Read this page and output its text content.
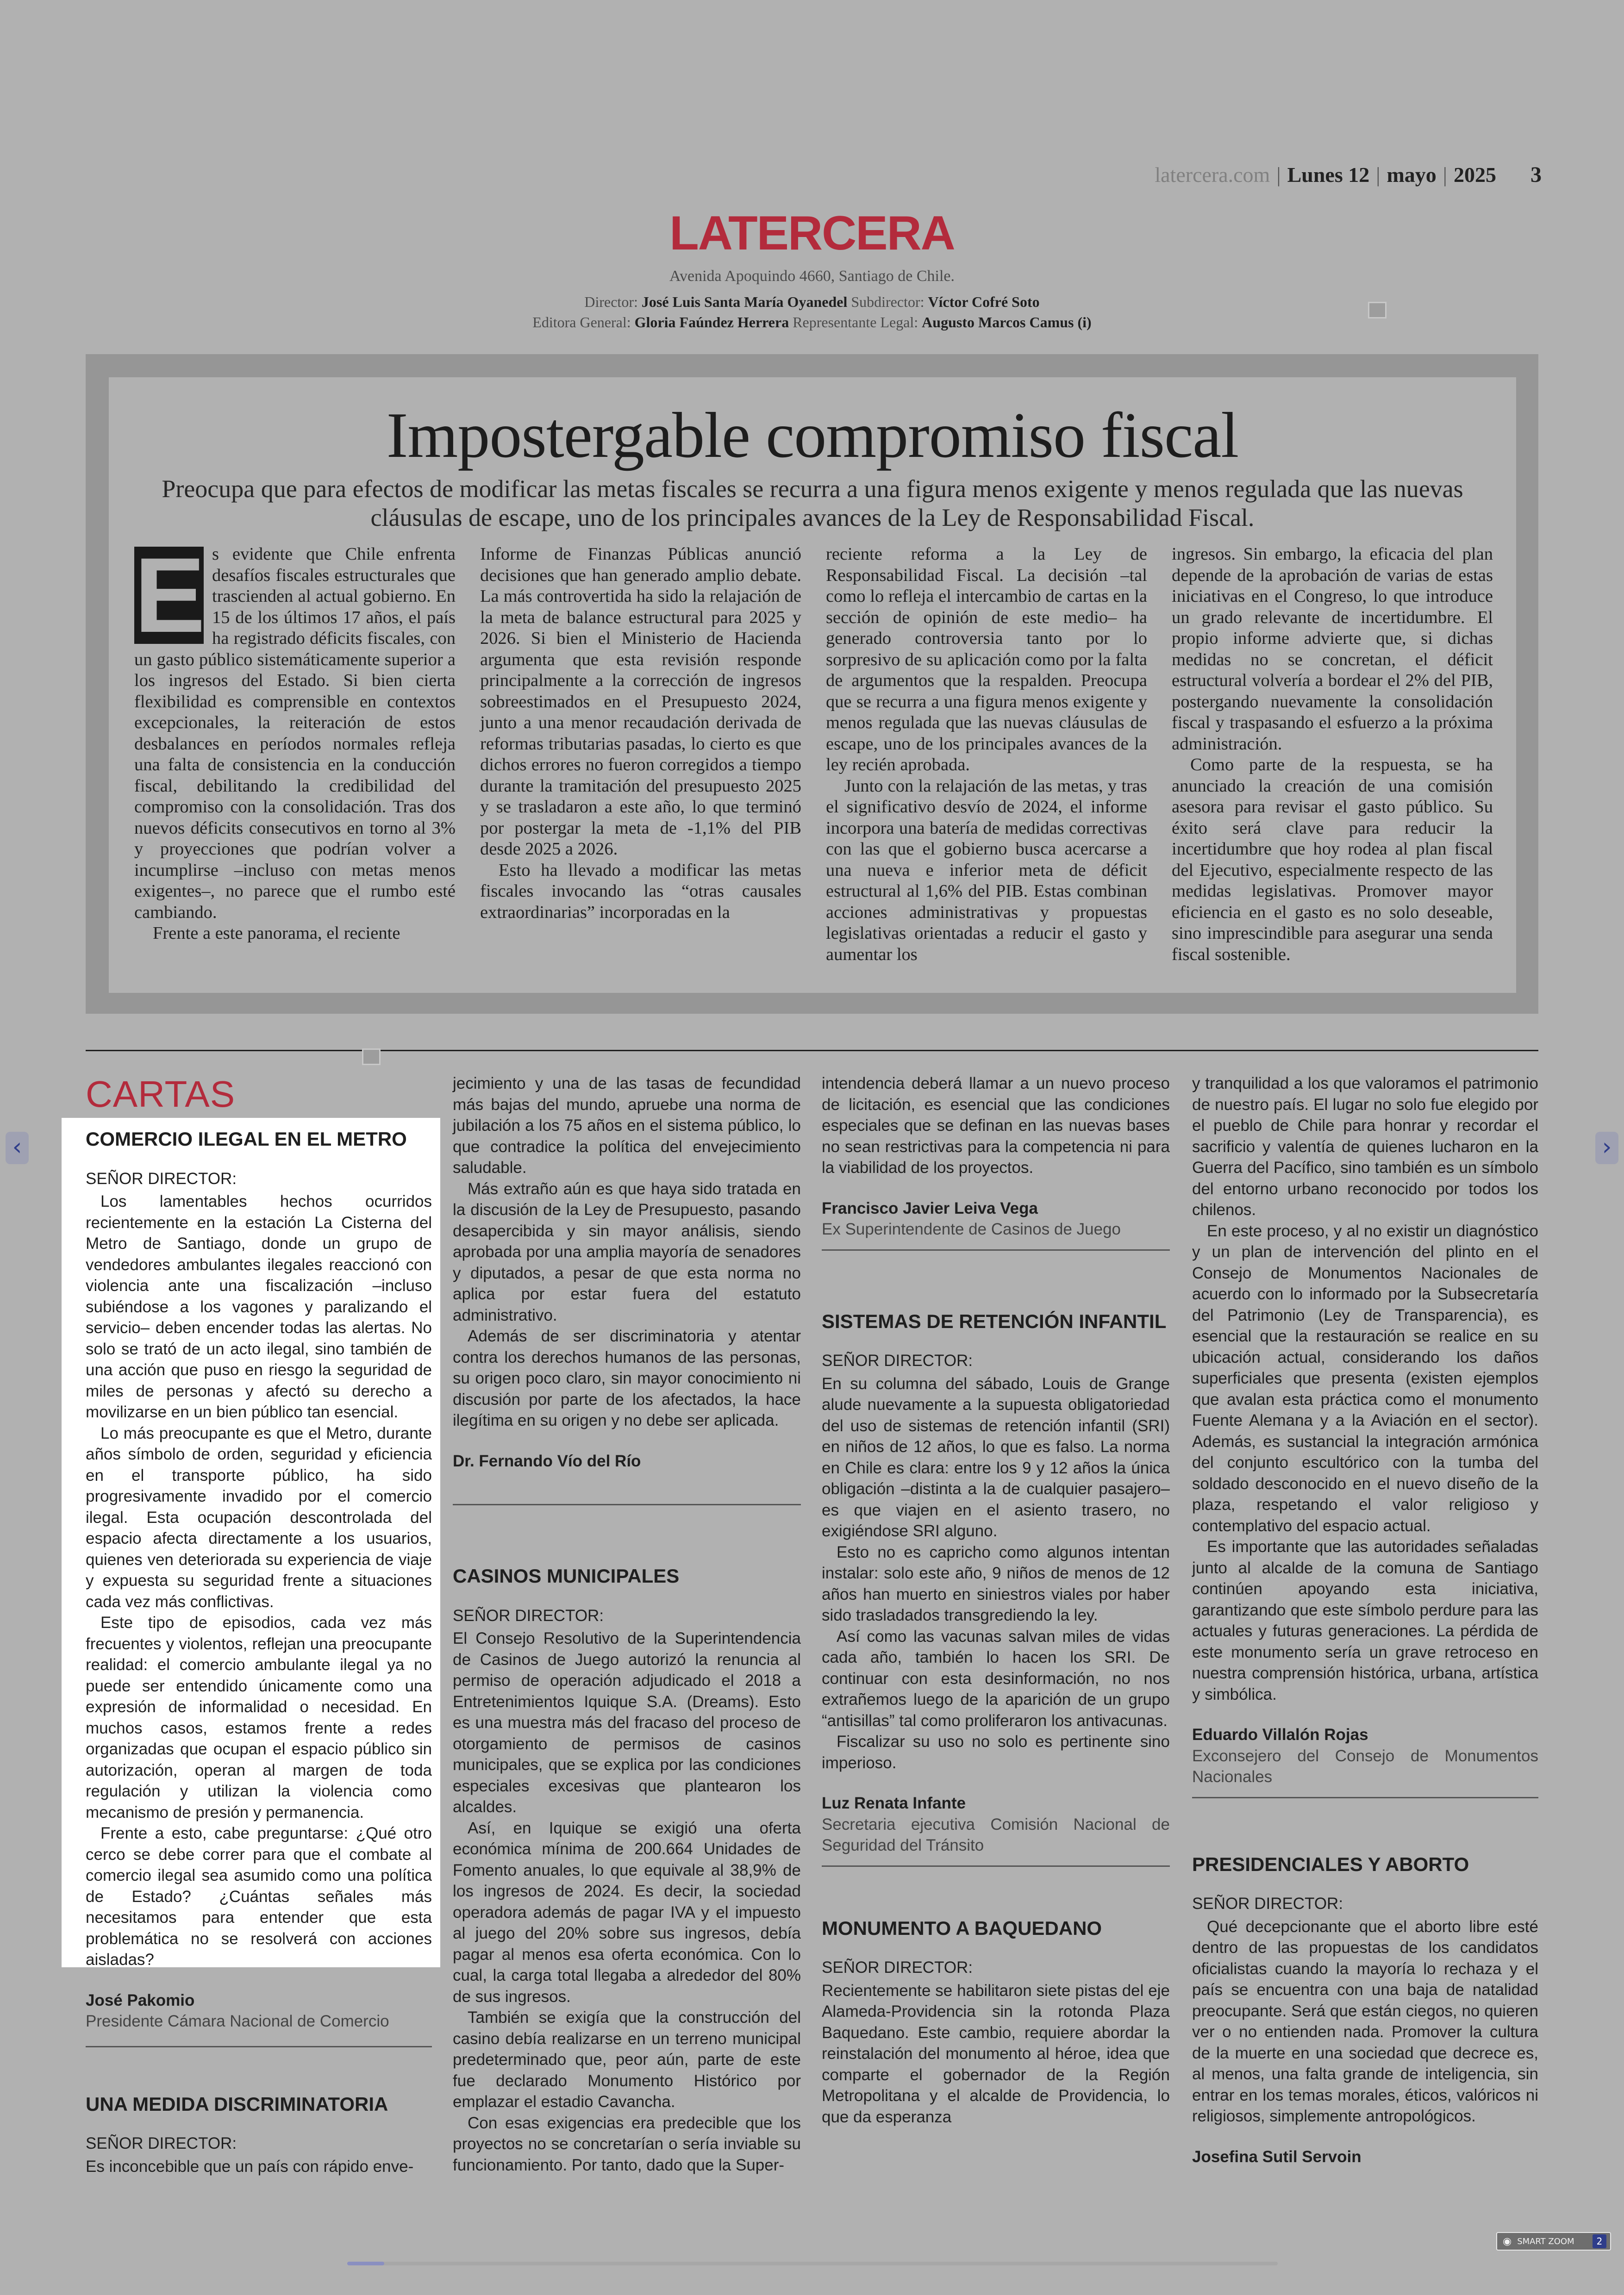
latercera.com | Lunes 12 | mayo | 2025 3
LATERCERA
Avenida Apoquindo 4660, Santiago de Chile.
Director: José Luis Santa María Oyanedel Subdirector: Víctor Cofré Soto
Editora General: Gloria Faúndez Herrera Representante Legal: Augusto Marcos Camus (i)
Impostergable compromiso fiscal
Preocupa que para efectos de modificar las metas fiscales se recurra a una figura menos exigente y menos regulada que las nuevas cláusulas de escape, uno de los principales avances de la Ley de Responsabilidad Fiscal.

E s evidente que Chile enfrenta desafíos fiscales estructurales que trascienden al actual gobierno. En 15 de los últimos 17 años, el país ha registrado déficits fiscales, con un gasto público sistemáticamente superior a los ingresos del Estado. Si bien cierta flexibilidad es comprensible en contextos excepcionales, la reiteración de estos desbalances en períodos normales refleja una falta de consistencia en la conducción fiscal, debilitando la credibilidad del compromiso con la consolidación. Tras dos nuevos déficits consecutivos en torno al 3% y proyecciones que podrían volver a incumplirse –incluso con metas menos exigentes–, no parece que el rumbo esté cambiando.

Frente a este panorama, el reciente

Informe de Finanzas Públicas anunció decisiones que han generado amplio debate. La más controvertida ha sido la relajación de la meta de balance estructural para 2025 y 2026. Si bien el Ministerio de Hacienda argumenta que esta revisión responde principalmente a la corrección de ingresos sobreestimados en el Presupuesto 2024, junto a una menor recaudación derivada de reformas tributarias pasadas, lo cierto es que dichos errores no fueron corregidos a tiempo durante la tramitación del presupuesto 2025 y se trasladaron a este año, lo que terminó por postergar la meta de -1,1% del PIB desde 2025 a 2026.

Esto ha llevado a modificar las metas fiscales invocando las “otras causales extraordinarias” incorporadas en la

reciente reforma a la Ley de Responsabilidad Fiscal. La decisión –tal como lo refleja el intercambio de cartas en la sección de opinión de este medio– ha generado controversia tanto por lo sorpresivo de su aplicación como por la falta de argumentos que la respalden. Preocupa que se recurra a una figura menos exigente y menos regulada que las nuevas cláusulas de escape, uno de los principales avances de la ley recién aprobada.

Junto con la relajación de las metas, y tras el significativo desvío de 2024, el informe incorpora una batería de medidas correctivas con las que el gobierno busca acercarse a una nueva e inferior meta de déficit estructural al 1,6% del PIB. Estas combinan acciones administrativas y propuestas legislativas orientadas a reducir el gasto y aumentar los

ingresos. Sin embargo, la eficacia del plan depende de la aprobación de varias de estas iniciativas en el Congreso, lo que introduce un grado relevante de incertidumbre. El propio informe advierte que, si dichas medidas no se concretan, el déficit estructural volvería a bordear el 2% del PIB, postergando nuevamente la consolidación fiscal y traspasando el esfuerzo a la próxima administración.

Como parte de la respuesta, se ha anunciado la creación de una comisión asesora para revisar el gasto público. Su éxito será clave para reducir la incertidumbre que hoy rodea al plan fiscal del Ejecutivo, especialmente respecto de las medidas legislativas. Promover mayor eficiencia en el gasto es no solo deseable, sino imprescindible para asegurar una senda fiscal sostenible.

CARTAS
COMERCIO ILEGAL EN EL METRO

SEÑOR DIRECTOR:

Los lamentables hechos ocurridos recientemente en la estación La Cisterna del Metro de Santiago, donde un grupo de vendedores ambulantes ilegales reaccionó con violencia ante una fiscalización –incluso subiéndose a los vagones y paralizando el servicio– deben encender todas las alertas. No solo se trató de un acto ilegal, sino también de una acción que puso en riesgo la seguridad de miles de personas y afectó su derecho a movilizarse en un bien público tan esencial.

Lo más preocupante es que el Metro, durante años símbolo de orden, seguridad y eficiencia en el transporte público, ha sido progresivamente invadido por el comercio ilegal. Esta ocupación descontrolada del espacio afecta directamente a los usuarios, quienes ven deteriorada su experiencia de viaje y expuesta su seguridad frente a situaciones cada vez más conflictivas.

Este tipo de episodios, cada vez más frecuentes y violentos, reflejan una preocupante realidad: el comercio ambulante ilegal ya no puede ser entendido únicamente como una expresión de informalidad o necesidad. En muchos casos, estamos frente a redes organizadas que ocupan el espacio público sin autorización, operan al margen de toda regulación y utilizan la violencia como mecanismo de presión y permanencia.

Frente a esto, cabe preguntarse: ¿Qué otro cerco se debe correr para que el combate al comercio ilegal sea asumido como una política de Estado? ¿Cuántas señales más necesitamos para entender que esta problemática no se resolverá con acciones aisladas?

José Pakomio

Presidente Cámara Nacional de Comercio

UNA MEDIDA DISCRIMINATORIA

SEÑOR DIRECTOR:

Es inconcebible que un país con rápido enve-

jecimiento y una de las tasas de fecundidad más bajas del mundo, apruebe una norma de jubilación a los 75 años en el sistema público, lo que contradice la política del envejecimiento saludable.

Más extraño aún es que haya sido tratada en la discusión de la Ley de Presupuesto, pasando desapercibida y sin mayor análisis, siendo aprobada por una amplia mayoría de senadores y diputados, a pesar de que esta norma no aplica por estar fuera del estatuto administrativo.

Además de ser discriminatoria y atentar contra los derechos humanos de las personas, su origen poco claro, sin mayor conocimiento ni discusión por parte de los afectados, la hace ilegítima en su origen y no debe ser aplicada.

Dr. Fernando Vío del Río

CASINOS MUNICIPALES

SEÑOR DIRECTOR:

El Consejo Resolutivo de la Superintendencia de Casinos de Juego autorizó la renuncia al permiso de operación adjudicado el 2018 a Entretenimientos Iquique S.A. (Dreams). Esto es una muestra más del fracaso del proceso de otorgamiento de permisos de casinos municipales, que se explica por las condiciones especiales excesivas que plantearon los alcaldes.

Así, en Iquique se exigió una oferta económica mínima de 200.664 Unidades de Fomento anuales, lo que equivale al 38,9% de los ingresos de 2024. Es decir, la sociedad operadora además de pagar IVA y el impuesto al juego del 20% sobre sus ingresos, debía pagar al menos esa oferta económica. Con lo cual, la carga total llegaba a alrededor del 80% de sus ingresos.

También se exigía que la construcción del casino debía realizarse en un terreno municipal predeterminado que, peor aún, parte de este fue declarado Monumento Histórico por emplazar el estadio Cavancha.

Con esas exigencias era predecible que los proyectos no se concretarían o sería inviable su funcionamiento. Por tanto, dado que la Super-

intendencia deberá llamar a un nuevo proceso de licitación, es esencial que las condiciones especiales que se definan en las nuevas bases no sean restrictivas para la competencia ni para la viabilidad de los proyectos.

Francisco Javier Leiva Vega

Ex Superintendente de Casinos de Juego

SISTEMAS DE RETENCIÓN INFANTIL

SEÑOR DIRECTOR:

En su columna del sábado, Louis de Grange alude nuevamente a la supuesta obligatoriedad del uso de sistemas de retención infantil (SRI) en niños de 12 años, lo que es falso. La norma en Chile es clara: entre los 9 y 12 años la única obligación –distinta a la de cualquier pasajero– es que viajen en el asiento trasero, no exigiéndose SRI alguno.

Esto no es capricho como algunos intentan instalar: solo este año, 9 niños de menos de 12 años han muerto en siniestros viales por haber sido trasladados transgrediendo la ley.

Así como las vacunas salvan miles de vidas cada año, también lo hacen los SRI. De continuar con esta desinformación, no nos extrañemos luego de la aparición de un grupo “antisillas” tal como proliferaron los antivacunas.

Fiscalizar su uso no solo es pertinente sino imperioso.

Luz Renata Infante

Secretaria ejecutiva Comisión Nacional de Seguridad del Tránsito

MONUMENTO A BAQUEDANO

SEÑOR DIRECTOR:

Recientemente se habilitaron siete pistas del eje Alameda-Providencia sin la rotonda Plaza Baquedano. Este cambio, requiere abordar la reinstalación del monumento al héroe, idea que comparte el gobernador de la Región Metropolitana y el alcalde de Providencia, lo que da esperanza

y tranquilidad a los que valoramos el patrimonio de nuestro país. El lugar no solo fue elegido por el pueblo de Chile para honrar y recordar el sacrificio y valentía de quienes lucharon en la Guerra del Pacífico, sino también es un símbolo del entorno urbano reconocido por todos los chilenos.

En este proceso, y al no existir un diagnóstico y un plan de intervención del plinto en el Consejo de Monumentos Nacionales de acuerdo con lo informado por la Subsecretaría del Patrimonio (Ley de Transparencia), es esencial que la restauración se realice en su ubicación actual, considerando los daños superficiales que presenta (existen ejemplos que avalan esta práctica como el monumento Fuente Alemana y a la Aviación en el sector). Además, es sustancial la integración armónica del conjunto escultórico con la tumba del soldado desconocido en el nuevo diseño de la plaza, respetando el valor religioso y contemplativo del espacio actual.

Es importante que las autoridades señaladas junto al alcalde de la comuna de Santiago continúen apoyando esta iniciativa, garantizando que este símbolo perdure para las actuales y futuras generaciones. La pérdida de este monumento sería un grave retroceso en nuestra comprensión histórica, urbana, artística y simbólica.

Eduardo Villalón Rojas

Exconsejero del Consejo de Monumentos Nacionales

PRESIDENCIALES Y ABORTO

SEÑOR DIRECTOR:

Qué decepcionante que el aborto libre esté dentro de las propuestas de los candidatos oficialistas cuando la mayoría lo rechaza y el país se encuentra con una baja de natalidad preocupante. Será que están ciegos, no quieren ver o no entienden nada. Promover la cultura de la muerte en una sociedad que decrece es, al menos, una falta grande de inteligencia, sin entrar en los temas morales, éticos, valóricos ni religiosos, simplemente antropológicos.

Josefina Sutil Servoin

‹	›
◉ SMART ZOOM	2
